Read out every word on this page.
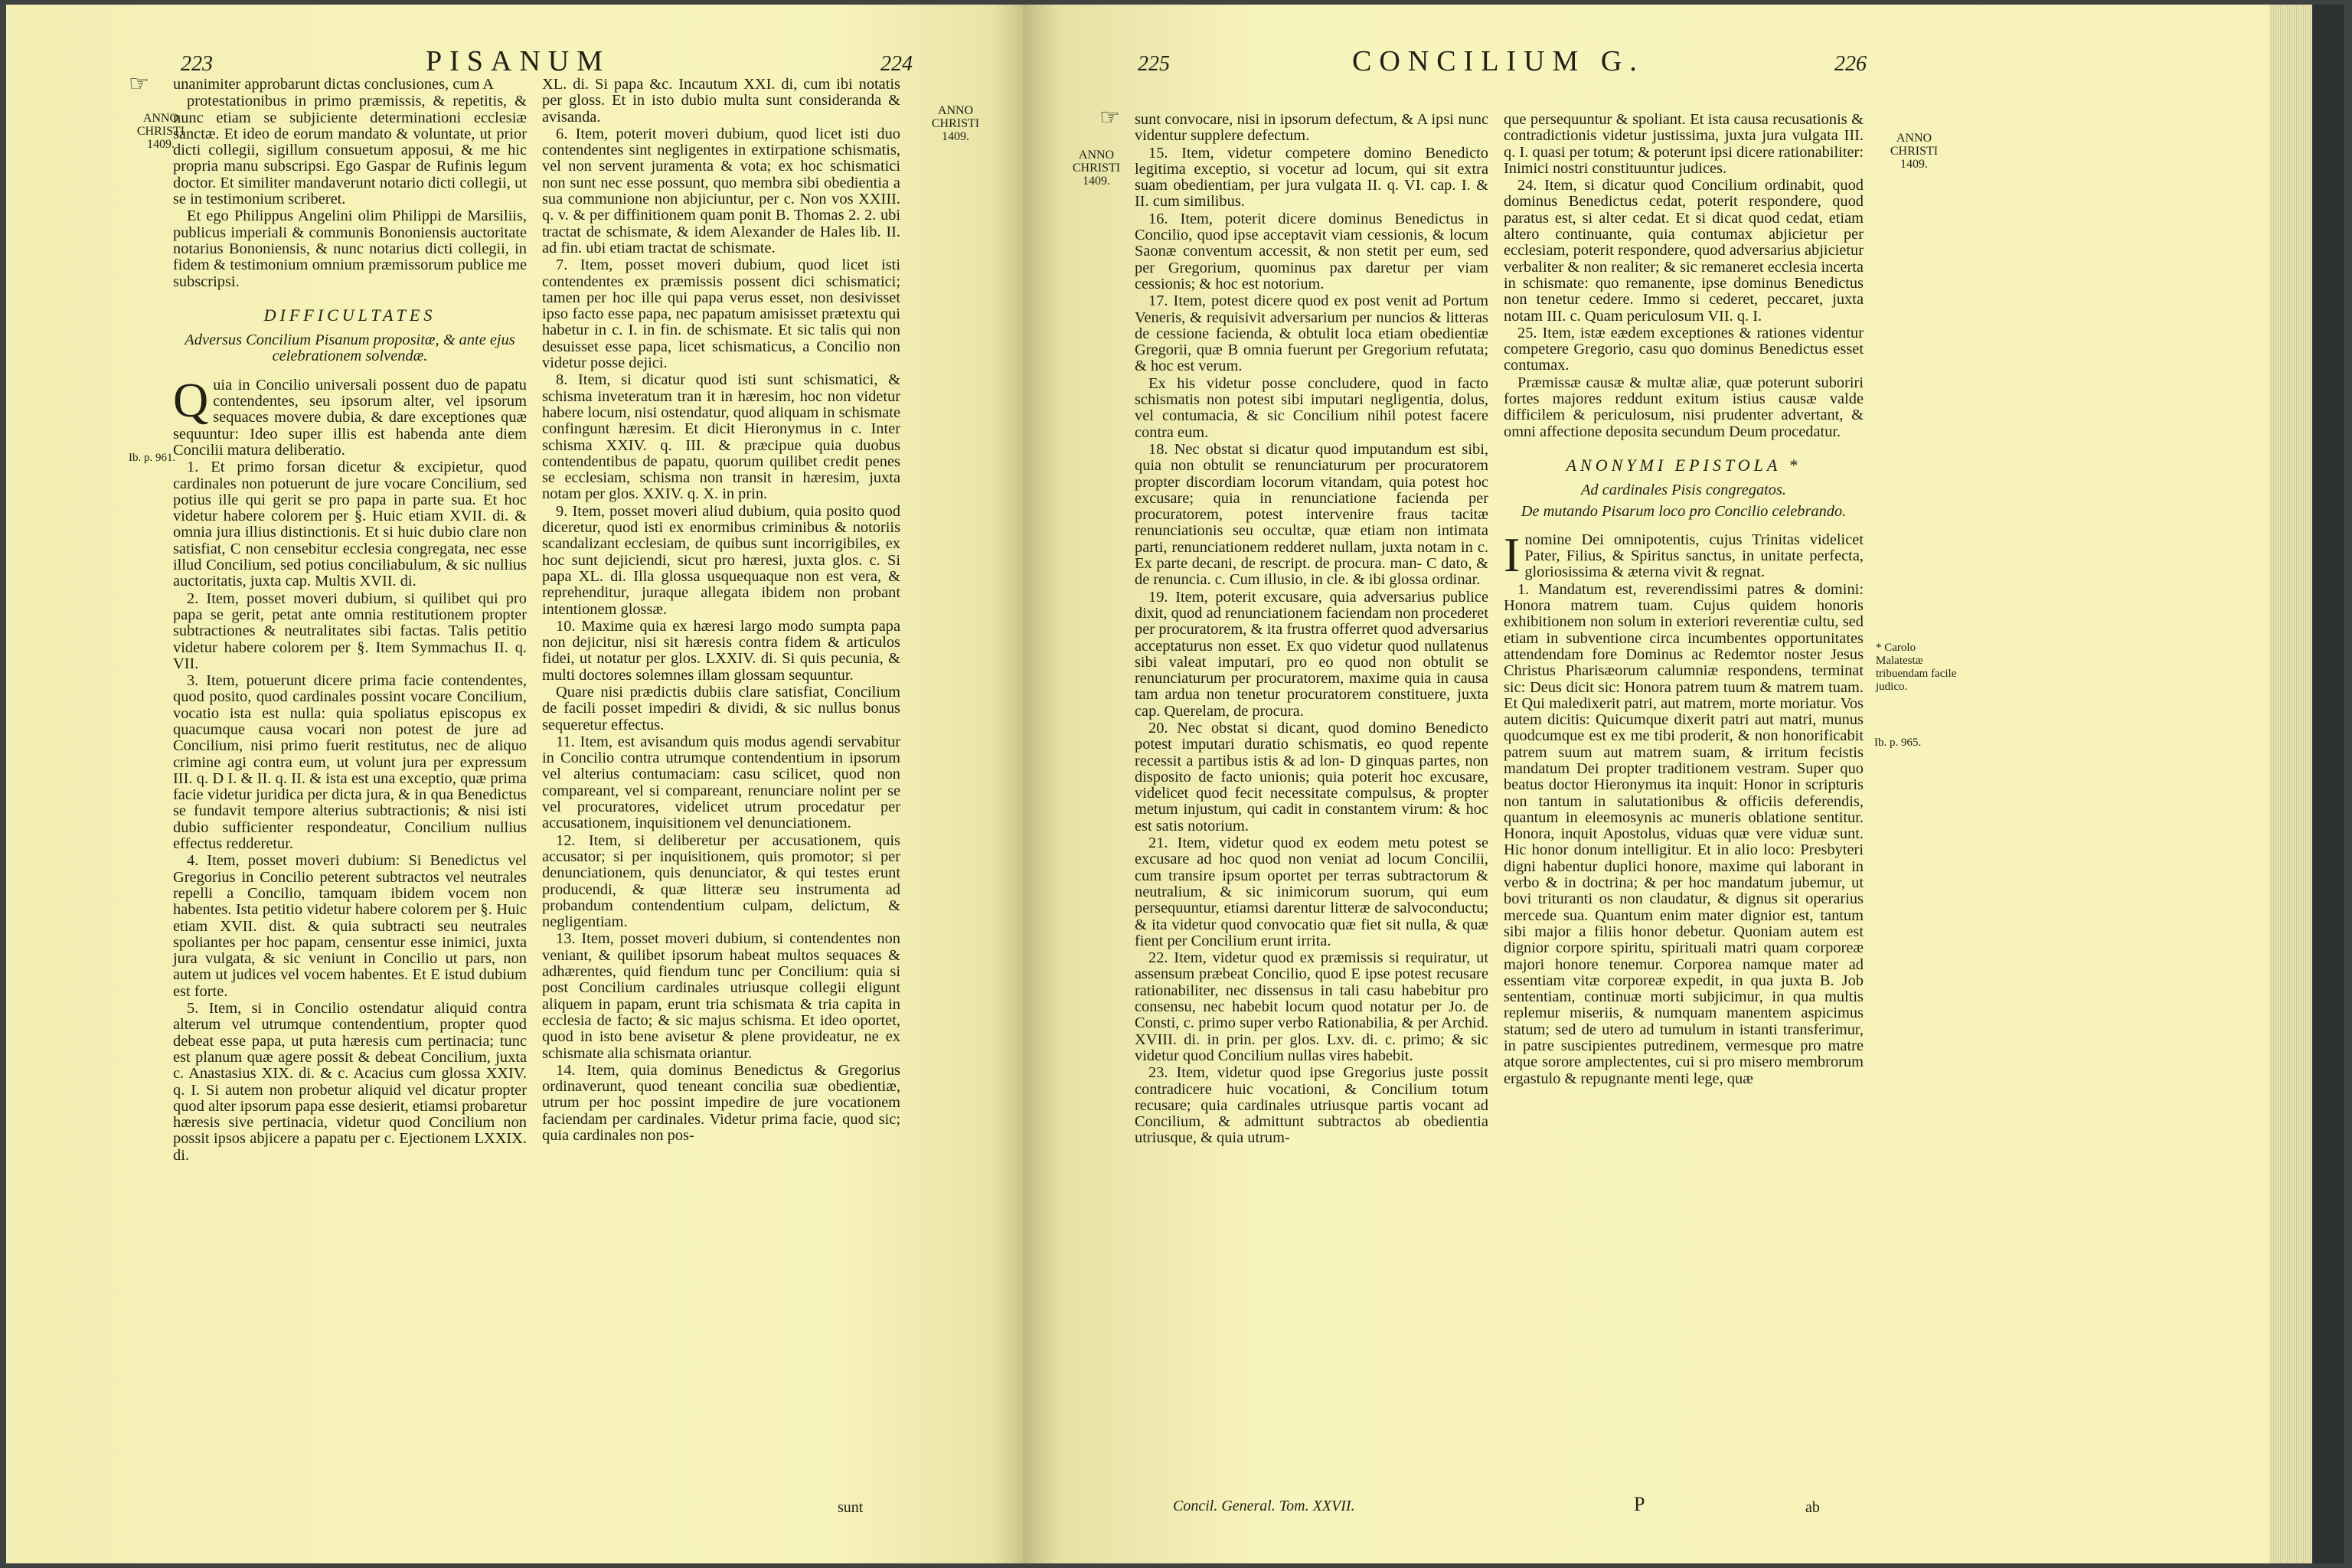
223	PISANUM	224
☞
ANNO
CHRISTI
1409.
ANNO
CHRISTI
1409.
Ib. p. 961.

unanimiter approbarunt dictas conclusiones, cum A

protestationibus in primo præmissis, & repetitis, & nunc etiam se subjiciente determinationi ecclesiæ sanctæ. Et ideo de eorum mandato & voluntate, ut prior dicti collegii, sigillum consuetum apposui, & me hic propria manu subscripsi. Ego Gaspar de Rufinis legum doctor. Et similiter mandaverunt notario dicti collegii, ut se in testimonium scriberet.

Et ego Philippus Angelini olim Philippi de Marsiliis, publicus imperiali & communis Bononiensis auctoritate notarius Bononiensis, & nunc notarius dicti collegii, in fidem & testimonium omnium præmissorum publice me subscripsi.

DIFFICULTATES
Adversus Concilium Pisanum propositæ, & ante ejus celebrationem solvendæ.
Q uia in Concilio universali possent duo de papatu contendentes, seu ipsorum alter, vel ipsorum sequaces movere dubia, & dare exceptiones quæ sequuntur: Ideo super illis est habenda ante diem Concilii matura deliberatio.

1. Et primo forsan dicetur & excipietur, quod cardinales non potuerunt de jure vocare Concilium, sed potius ille qui gerit se pro papa in parte sua. Et hoc videtur habere colorem per §. Huic etiam XVII. di. & omnia jura illius distinctionis. Et si huic dubio clare non satisfiat, C non censebitur ecclesia congregata, nec esse illud Concilium, sed potius conciliabulum, & sic nullius auctoritatis, juxta cap. Multis XVII. di.

2. Item, posset moveri dubium, si quilibet qui pro papa se gerit, petat ante omnia restitutionem propter subtractiones & neutralitates sibi factas. Talis petitio videtur habere colorem per §. Item Symmachus II. q. VII.

3. Item, potuerunt dicere prima facie contendentes, quod posito, quod cardinales possint vocare Concilium, vocatio ista est nulla: quia spoliatus episcopus ex quacumque causa vocari non potest de jure ad Concilium, nisi primo fuerit restitutus, nec de aliquo crimine agi contra eum, ut volunt jura per expressum III. q. D I. & II. q. II. & ista est una exceptio, quæ prima facie videtur juridica per dicta jura, & in qua Benedictus se fundavit tempore alterius subtractionis; & nisi isti dubio sufficienter respondeatur, Concilium nullius effectus redderetur.

4. Item, posset moveri dubium: Si Benedictus vel Gregorius in Concilio peterent subtractos vel neutrales repelli a Concilio, tamquam ibidem vocem non habentes. Ista petitio videtur habere colorem per §. Huic etiam XVII. dist. & quia subtracti seu neutrales spoliantes per hoc papam, censentur esse inimici, juxta jura vulgata, & sic veniunt in Concilio ut pars, non autem ut judices vel vocem habentes. Et E istud dubium est forte.

5. Item, si in Concilio ostendatur aliquid contra alterum vel utrumque contendentium, propter quod debeat esse papa, ut puta hæresis cum pertinacia; tunc est planum quæ agere possit & debeat Concilium, juxta c. Anastasius XIX. di. & c. Acacius cum glossa XXIV. q. I. Si autem non probetur aliquid vel dicatur propter quod alter ipsorum papa esse desierit, etiamsi probaretur hæresis sive pertinacia, videtur quod Concilium non possit ipsos abjicere a papatu per c. Ejectionem LXXIX. di.

XL. di. Si papa &c. Incautum XXI. di, cum ibi notatis per gloss. Et in isto dubio multa sunt consideranda & avisanda.

6. Item, poterit moveri dubium, quod licet isti duo contendentes sint negligentes in extirpatione schismatis, vel non servent juramenta & vota; ex hoc schismatici non sunt nec esse possunt, quo membra sibi obedientia a sua communione non abjiciuntur, per c. Non vos XXIII. q. v. & per diffinitionem quam ponit B. Thomas 2. 2. ubi tractat de schismate, & idem Alexander de Hales lib. II. ad fin. ubi etiam tractat de schismate.

7. Item, posset moveri dubium, quod licet isti contendentes ex præmissis possent dici schismatici; tamen per hoc ille qui papa verus esset, non desivisset ipso facto esse papa, nec papatum amisisset prætextu qui habetur in c. I. in fin. de schismate. Et sic talis qui non desuisset esse papa, licet schismaticus, a Concilio non videtur posse dejici.

8. Item, si dicatur quod isti sunt schismatici, & schisma inveteratum tran it in hæresim, hoc non videtur habere locum, nisi ostendatur, quod aliquam in schismate confingunt hæresim. Et dicit Hieronymus in c. Inter schisma XXIV. q. III. & præcipue quia duobus contendentibus de papatu, quorum quilibet credit penes se ecclesiam, schisma non transit in hæresim, juxta notam per glos. XXIV. q. X. in prin.

9. Item, posset moveri aliud dubium, quia posito quod diceretur, quod isti ex enormibus criminibus & notoriis scandalizant ecclesiam, de quibus sunt incorrigibiles, ex hoc sunt dejiciendi, sicut pro hæresi, juxta glos. c. Si papa XL. di. Illa glossa usquequaque non est vera, & reprehenditur, juraque allegata ibidem non probant intentionem glossæ.

10. Maxime quia ex hæresi largo modo sumpta papa non dejicitur, nisi sit hæresis contra fidem & articulos fidei, ut notatur per glos. LXXIV. di. Si quis pecunia, & multi doctores solemnes illam glossam sequuntur.

Quare nisi prædictis dubiis clare satisfiat, Concilium de facili posset impediri & dividi, & sic nullus bonus sequeretur effectus.

11. Item, est avisandum quis modus agendi servabitur in Concilio contra utrumque contendentium in ipsorum vel alterius contumaciam: casu scilicet, quod non compareant, vel si compareant, renunciare nolint per se vel procuratores, videlicet utrum procedatur per accusationem, inquisitionem vel denunciationem.

12. Item, si deliberetur per accusationem, quis accusator; si per inquisitionem, quis promotor; si per denunciationem, quis denunciator, & qui testes erunt producendi, & quæ litteræ seu instrumenta ad probandum contendentium culpam, delictum, & negligentiam.

13. Item, posset moveri dubium, si contendentes non veniant, & quilibet ipsorum habeat multos sequaces & adhærentes, quid fiendum tunc per Concilium: quia si post Concilium cardinales utriusque collegii eligunt aliquem in papam, erunt tria schismata & tria capita in ecclesia de facto; & sic majus schisma. Et ideo oportet, quod in isto bene avisetur & plene provideatur, ne ex schismate alia schismata oriantur.

14. Item, quia dominus Benedictus & Gregorius ordinaverunt, quod teneant concilia suæ obedientiæ, utrum per hoc possint impedire de jure vocationem faciendam per cardinales. Videtur prima facie, quod sic; quia cardinales non pos-

sunt
225	CONCILIUM G.	226
☞
ANNO
CHRISTI
1409.
ANNO
CHRISTI
1409.
* Carolo Malatestæ tribuendam facile judico.
Ib. p. 965.

sunt convocare, nisi in ipsorum defectum, & A ipsi nunc videntur supplere defectum.

15. Item, videtur competere domino Benedicto legitima exceptio, si vocetur ad locum, qui sit extra suam obedientiam, per jura vulgata II. q. VI. cap. I. & II. cum similibus.

16. Item, poterit dicere dominus Benedictus in Concilio, quod ipse acceptavit viam cessionis, & locum Saonæ conventum accessit, & non stetit per eum, sed per Gregorium, quominus pax daretur per viam cessionis; & hoc est notorium.

17. Item, potest dicere quod ex post venit ad Portum Veneris, & requisivit adversarium per nuncios & litteras de cessione facienda, & obtulit loca etiam obedientiæ Gregorii, quæ B omnia fuerunt per Gregorium refutata; & hoc est verum.

Ex his videtur posse concludere, quod in facto schismatis non potest sibi imputari negligentia, dolus, vel contumacia, & sic Concilium nihil potest facere contra eum.

18. Nec obstat si dicatur quod imputandum est sibi, quia non obtulit se renunciaturum per procuratorem propter discordiam locorum vitandam, quia potest hoc excusare; quia in renunciatione facienda per procuratorem, potest intervenire fraus tacitæ renunciationis seu occultæ, quæ etiam non intimata parti, renunciationem redderet nullam, juxta notam in c. Ex parte decani, de rescript. de procura. man- C dato, & de renuncia. c. Cum illusio, in cle. & ibi glossa ordinar.

19. Item, poterit excusare, quia adversarius publice dixit, quod ad renunciationem faciendam non procederet per procuratorem, & ita frustra offerret quod adversarius acceptaturus non esset. Ex quo videtur quod nullatenus sibi valeat imputari, pro eo quod non obtulit se renunciaturum per procuratorem, maxime quia in causa tam ardua non tenetur procuratorem constituere, juxta cap. Querelam, de procura.

20. Nec obstat si dicant, quod domino Benedicto potest imputari duratio schismatis, eo quod repente recessit a partibus istis & ad lon- D ginquas partes, non disposito de facto unionis; quia poterit hoc excusare, videlicet quod fecit necessitate compulsus, & propter metum injustum, qui cadit in constantem virum: & hoc est satis notorium.

21. Item, videtur quod ex eodem metu potest se excusare ad hoc quod non veniat ad locum Concilii, cum transire ipsum oportet per terras subtractorum & neutralium, & sic inimicorum suorum, qui eum persequuntur, etiamsi darentur litteræ de salvoconductu; & ita videtur quod convocatio quæ fiet sit nulla, & quæ fient per Concilium erunt irrita.

22. Item, videtur quod ex præmissis si requiratur, ut assensum præbeat Concilio, quod E ipse potest recusare rationabiliter, nec dissensus in tali casu habebitur pro consensu, nec habebit locum quod notatur per Jo. de Consti, c. primo super verbo Rationabilia, & per Archid. XVIII. di. in prin. per glos. Lxv. di. c. primo; & sic videtur quod Concilium nullas vires habebit.

23. Item, videtur quod ipse Gregorius juste possit contradicere huic vocationi, & Concilium totum recusare; quia cardinales utriusque partis vocant ad Concilium, & admittunt subtractos ab obedientia utriusque, & quia utrum-

que persequuntur & spoliant. Et ista causa recusationis & contradictionis videtur justissima, juxta jura vulgata III. q. I. quasi per totum; & poterunt ipsi dicere rationabiliter: Inimici nostri constituuntur judices.

24. Item, si dicatur quod Concilium ordinabit, quod dominus Benedictus cedat, poterit respondere, quod paratus est, si alter cedat. Et si dicat quod cedat, etiam altero continuante, quia contumax abjicietur per ecclesiam, poterit respondere, quod adversarius abjicietur verbaliter & non realiter; & sic remaneret ecclesia incerta in schismate: quo remanente, ipse dominus Benedictus non tenetur cedere. Immo si cederet, peccaret, juxta notam III. c. Quam periculosum VII. q. I.

25. Item, istæ eædem exceptiones & rationes videntur competere Gregorio, casu quo dominus Benedictus esset contumax.

Præmissæ causæ & multæ aliæ, quæ poterunt suboriri fortes majores reddunt exitum istius causæ valde difficilem & periculosum, nisi prudenter advertant, & omni affectione deposita secundum Deum procedatur.

ANONYMI EPISTOLA *
Ad cardinales Pisis congregatos.
De mutando Pisarum loco pro Concilio celebrando.
I nomine Dei omnipotentis, cujus Trinitas videlicet Pater, Filius, & Spiritus sanctus, in unitate perfecta, gloriosissima & æterna vivit & regnat.

1. Mandatum est, reverendissimi patres & domini: Honora matrem tuam. Cujus quidem honoris exhibitionem non solum in exteriori reverentiæ cultu, sed etiam in subventione circa incumbentes opportunitates attendendam fore Dominus ac Redemtor noster Jesus Christus Pharisæorum calumniæ respondens, terminat sic: Deus dicit sic: Honora patrem tuum & matrem tuam. Et Qui maledixerit patri, aut matrem, morte moriatur. Vos autem dicitis: Quicumque dixerit patri aut matri, munus quodcumque est ex me tibi proderit, & non honorificabit patrem suum aut matrem suam, & irritum fecistis mandatum Dei propter traditionem vestram. Super quo beatus doctor Hieronymus ita inquit: Honor in scripturis non tantum in salutationibus & officiis deferendis, quantum in eleemosynis ac muneris oblatione sentitur. Honora, inquit Apostolus, viduas quæ vere viduæ sunt. Hic honor donum intelligitur. Et in alio loco: Presbyteri digni habentur duplici honore, maxime qui laborant in verbo & in doctrina; & per hoc mandatum jubemur, ut bovi trituranti os non claudatur, & dignus sit operarius mercede sua. Quantum enim mater dignior est, tantum sibi major a filiis honor debetur. Quoniam autem est dignior corpore spiritu, spirituali matri quam corporeæ majori honore tenemur. Corporea namque mater ad essentiam vitæ corporeæ expedit, in qua juxta B. Job sententiam, continuæ morti subjicimur, in qua multis replemur miseriis, & numquam manentem aspicimus statum; sed de utero ad tumulum in istanti transferimur, in patre suscipientes putredinem, vermesque pro matre atque sorore amplectentes, cui si pro misero membrorum ergastulo & repugnante menti lege, quæ

Concil. General. Tom. XXVII.	P	ab
